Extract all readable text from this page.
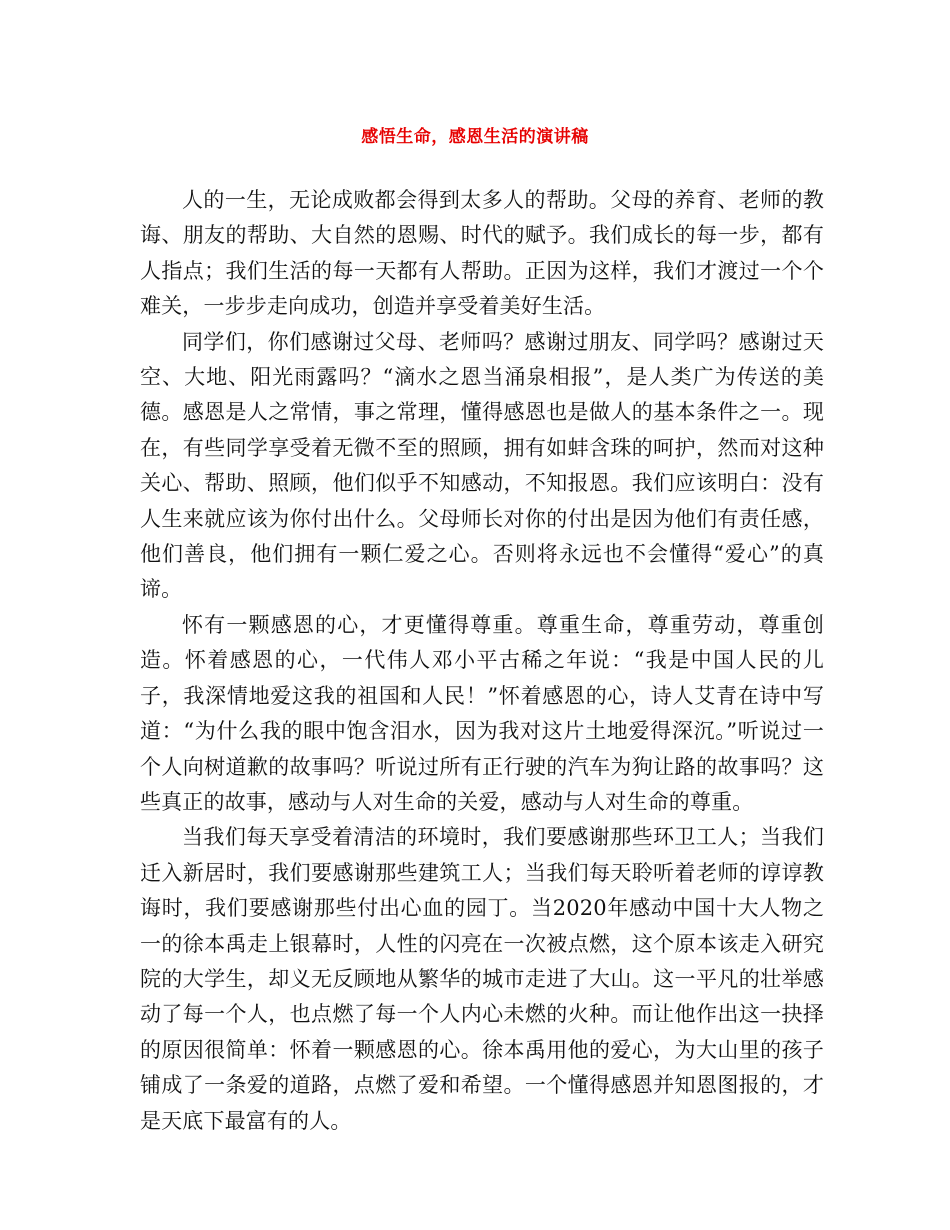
感悟生命，感恩生活的演讲稿

人的一生，无论成败都会得到太多人的帮助。父母的养育、老师的教诲、朋友的帮助、大自然的恩赐、时代的赋予。我们成长的每一步，都有人指点；我们生活的每一天都有人帮助。正因为这样，我们才渡过一个个难关，一步步走向成功，创造并享受着美好生活。

同学们，你们感谢过父母、老师吗？感谢过朋友、同学吗？感谢过天空、大地、阳光雨露吗？“滴水之恩当涌泉相报”，是人类广为传送的美德。感恩是人之常情，事之常理，懂得感恩也是做人的基本条件之一。现在，有些同学享受着无微不至的照顾，拥有如蚌含珠的呵护，然而对这种关心、帮助、照顾，他们似乎不知感动，不知报恩。我们应该明白：没有人生来就应该为你付出什么。父母师长对你的付出是因为他们有责任感，他们善良，他们拥有一颗仁爱之心。否则将永远也不会懂得“爱心”的真谛。

怀有一颗感恩的心，才更懂得尊重。尊重生命，尊重劳动，尊重创造。怀着感恩的心，一代伟人邓小平古稀之年说：“我是中国人民的儿子，我深情地爱这我的祖国和人民！”怀着感恩的心，诗人艾青在诗中写道：“为什么我的眼中饱含泪水，因为我对这片土地爱得深沉。”听说过一个人向树道歉的故事吗？听说过所有正行驶的汽车为狗让路的故事吗？这些真正的故事，感动与人对生命的关爱，感动与人对生命的尊重。

当我们每天享受着清洁的环境时，我们要感谢那些环卫工人；当我们迁入新居时，我们要感谢那些建筑工人；当我们每天聆听着老师的谆谆教诲时，我们要感谢那些付出心血的园丁。当2020年感动中国十大人物之一的徐本禹走上银幕时，人性的闪亮在一次被点燃，这个原本该走入研究院的大学生，却义无反顾地从繁华的城市走进了大山。这一平凡的壮举感动了每一个人，也点燃了每一个人内心未燃的火种。而让他作出这一抉择的原因很简单：怀着一颗感恩的心。徐本禹用他的爱心，为大山里的孩子铺成了一条爱的道路，点燃了爱和希望。一个懂得感恩并知恩图报的，才是天底下最富有的人。
